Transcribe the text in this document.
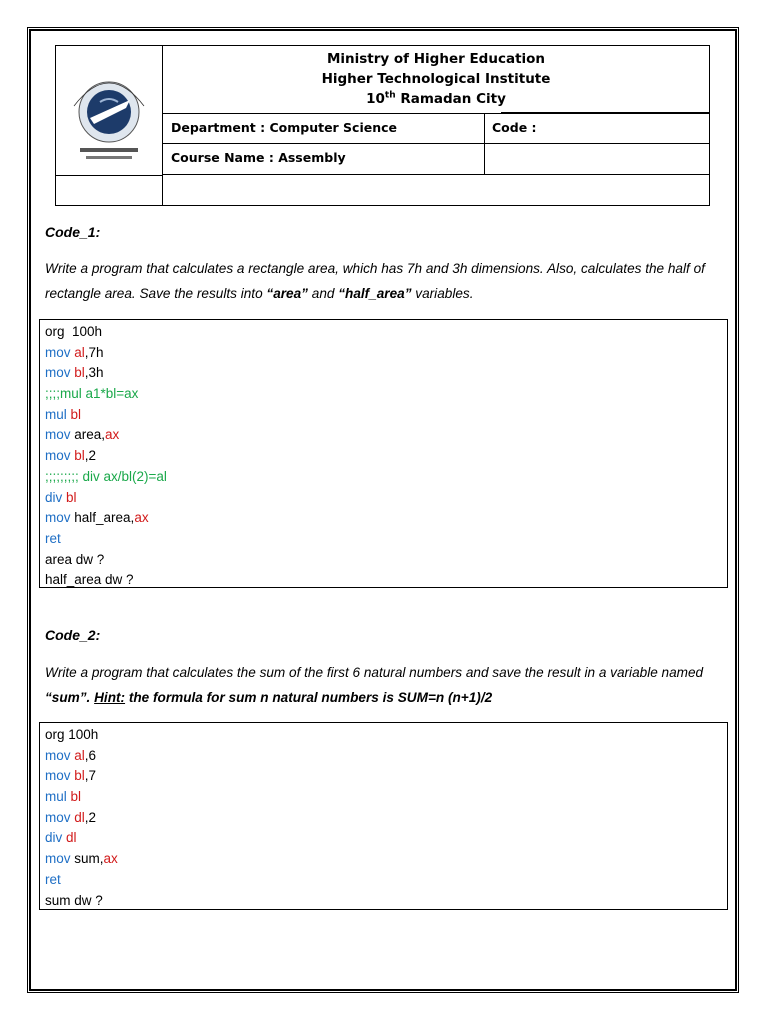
Ministry of Higher Education
Higher Technological Institute
10th Ramadan City
Department : Computer Science	Code :
Course Name : Assembly
Code_1:
Write a program that calculates a rectangle area, which has 7h and 3h dimensions. Also, calculates the half of rectangle area. Save the results into “area” and “half_area” variables.
org  100h
mov al,7h
mov bl,3h
;;;;mul a1*bl=ax
mul bl
mov area,ax
mov bl,2
;;;;;;;;; div ax/bl(2)=al
div bl
mov half_area,ax
ret
area dw ?
half_area dw ?
Code_2:
Write a program that calculates the sum of the first 6 natural numbers and save the result in a variable named “sum”. Hint: the formula for sum n natural numbers is SUM=n (n+1)/2
org 100h
mov al,6
mov bl,7
mul bl
mov dl,2
div dl
mov sum,ax
ret
sum dw ?
